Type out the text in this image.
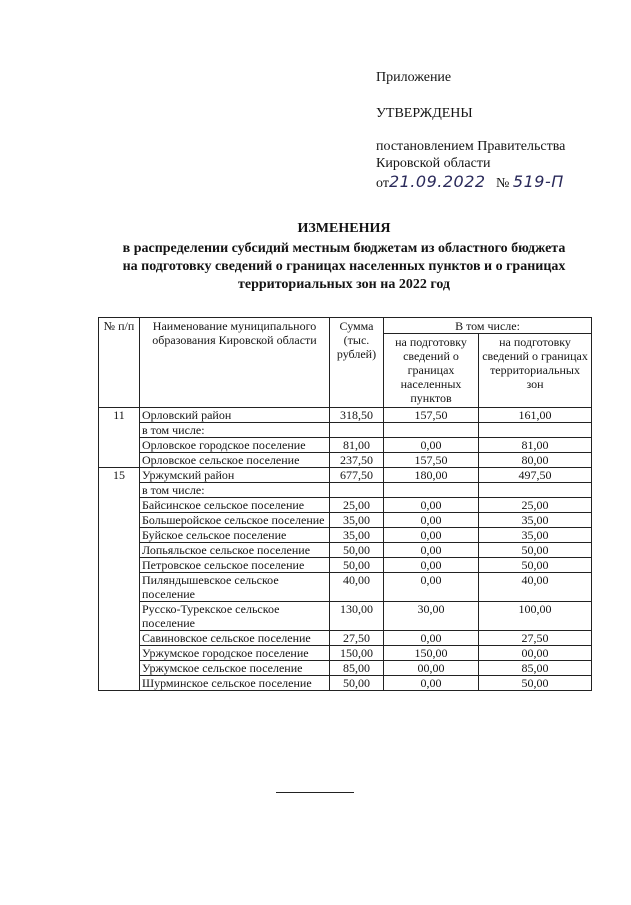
Приложение
УТВЕРЖДЕНЫ
постановлением Правительства
Кировской области
от21.09.2022 № 519-П
ИЗМЕНЕНИЯ
в распределении субсидий местным бюджетам из областного бюджета
на подготовку сведений о границах населенных пунктов и о границах
территориальных зон на 2022 год
№ п/п	Наименование муниципального образования Кировской области	Сумма (тыс. рублей)	В том числе:	
			на подготовку сведений о границах населенных пунктов	на подготовку сведений о границах территориальных зон
11	Орловский район	318,50	157,50	161,00
	в том числе:			
	Орловское городское поселение	81,00	0,00	81,00
	Орловское сельское поселение	237,50	157,50	80,00
15	Уржумский район	677,50	180,00	497,50
	в том числе:			
	Байсинское сельское поселение	25,00	0,00	25,00
	Большеройское сельское поселение	35,00	0,00	35,00
	Буйское сельское поселение	35,00	0,00	35,00
	Лопьяльское сельское поселение	50,00	0,00	50,00
	Петровское сельское поселение	50,00	0,00	50,00
	Пиляндышевское сельское поселение	40,00	0,00	40,00
	Русско-Турекское сельское поселение	130,00	30,00	100,00
	Савиновское сельское поселение	27,50	0,00	27,50
	Уржумское городское поселение	150,00	150,00	00,00
	Уржумское сельское поселение	85,00	00,00	85,00
	Шурминское сельское поселение	50,00	0,00	50,00
